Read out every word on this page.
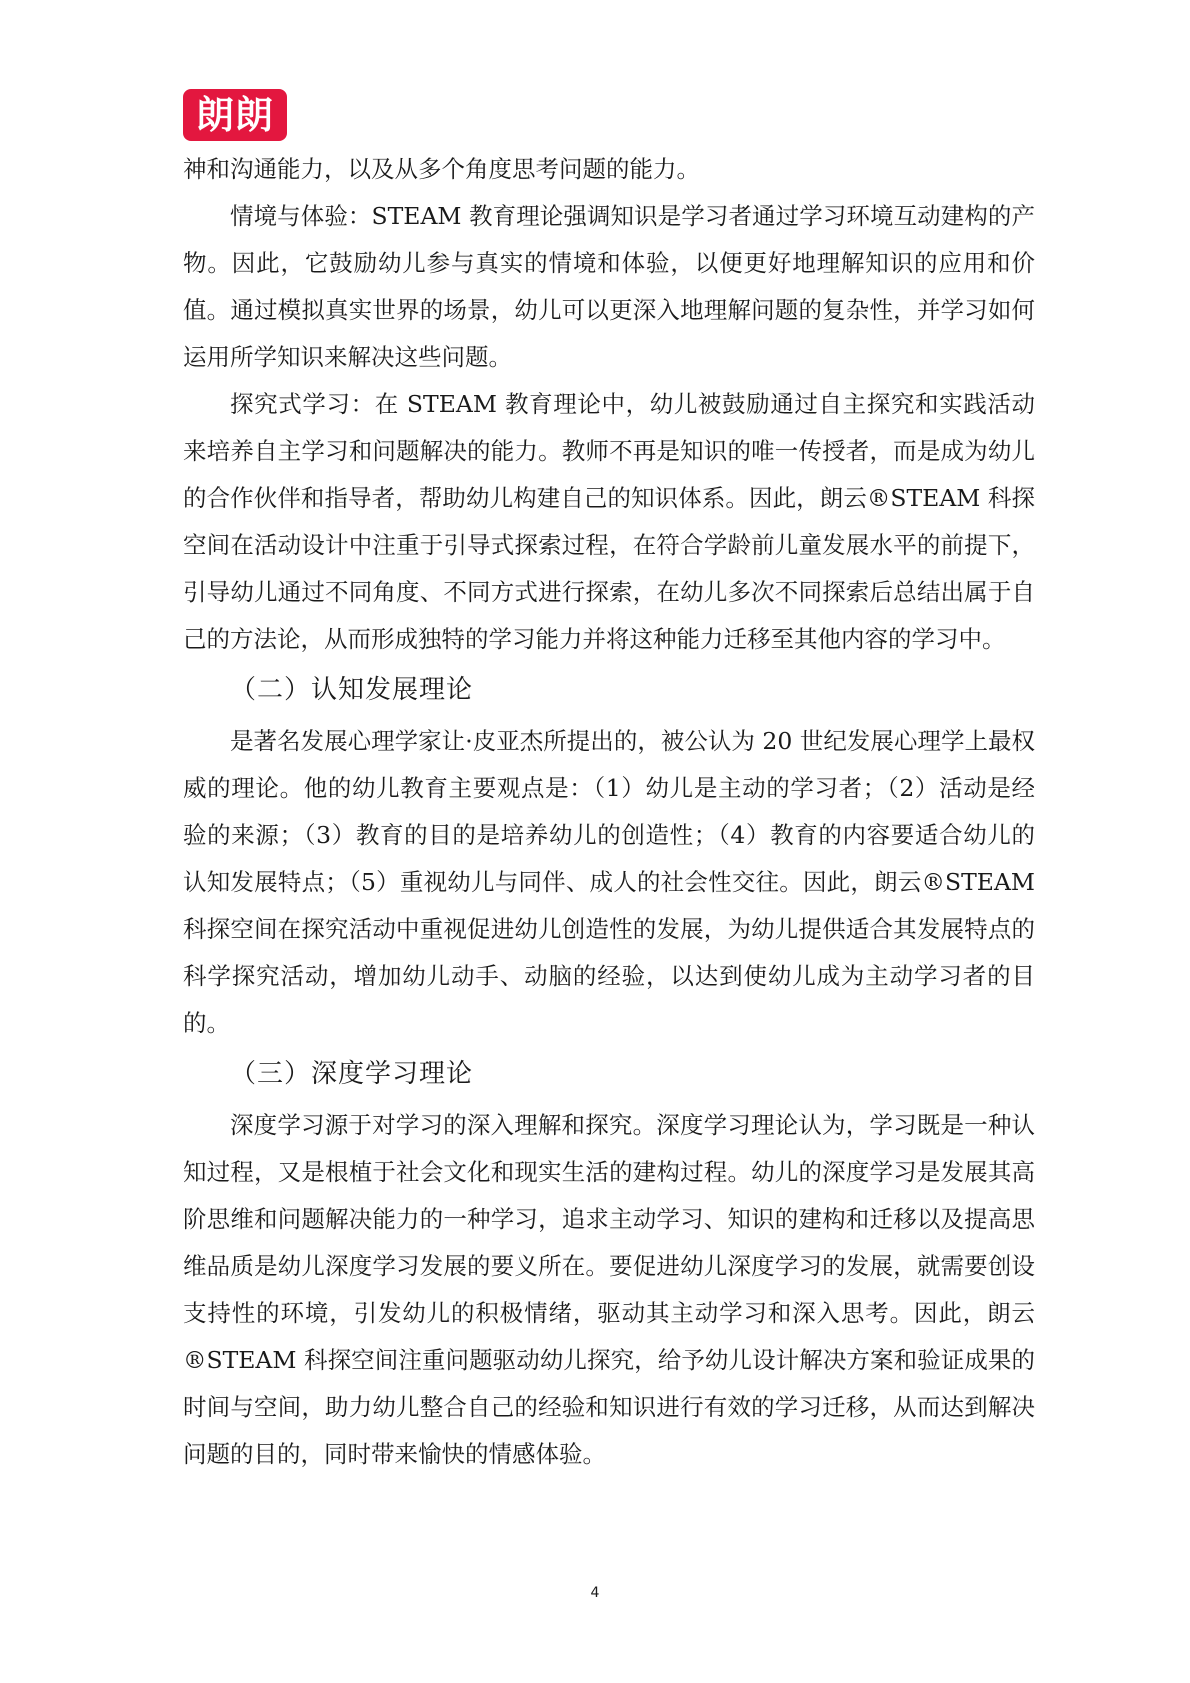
朗朗

神和沟通能力，以及从多个角度思考问题的能力。

情境与体验：STEAM 教育理论强调知识是学习者通过学习环境互动建构的产物。因此，它鼓励幼儿参与真实的情境和体验，以便更好地理解知识的应用和价值。通过模拟真实世界的场景，幼儿可以更深入地理解问题的复杂性，并学习如何运用所学知识来解决这些问题。

探究式学习：在 STEAM 教育理论中，幼儿被鼓励通过自主探究和实践活动来培养自主学习和问题解决的能力。教师不再是知识的唯一传授者，而是成为幼儿的合作伙伴和指导者，帮助幼儿构建自己的知识体系。因此，朗云®STEAM 科探空间在活动设计中注重于引导式探索过程，在符合学龄前儿童发展水平的前提下，引导幼儿通过不同角度、不同方式进行探索，在幼儿多次不同探索后总结出属于自己的方法论，从而形成独特的学习能力并将这种能力迁移至其他内容的学习中。

（二）认知发展理论

是著名发展心理学家让·皮亚杰所提出的，被公认为 20 世纪发展心理学上最权威的理论。他的幼儿教育主要观点是：（1）幼儿是主动的学习者；（2）活动是经验的来源；（3）教育的目的是培养幼儿的创造性；（4）教育的内容要适合幼儿的认知发展特点；（5）重视幼儿与同伴、成人的社会性交往。因此，朗云®STEAM 科探空间在探究活动中重视促进幼儿创造性的发展，为幼儿提供适合其发展特点的科学探究活动，增加幼儿动手、动脑的经验，以达到使幼儿成为主动学习者的目的。

（三）深度学习理论

深度学习源于对学习的深入理解和探究。深度学习理论认为，学习既是一种认知过程，又是根植于社会文化和现实生活的建构过程。幼儿的深度学习是发展其高阶思维和问题解决能力的一种学习，追求主动学习、知识的建构和迁移以及提高思维品质是幼儿深度学习发展的要义所在。要促进幼儿深度学习的发展，就需要创设支持性的环境，引发幼儿的积极情绪，驱动其主动学习和深入思考。因此，朗云®STEAM 科探空间注重问题驱动幼儿探究，给予幼儿设计解决方案和验证成果的时间与空间，助力幼儿整合自己的经验和知识进行有效的学习迁移，从而达到解决问题的目的，同时带来愉快的情感体验。

4
